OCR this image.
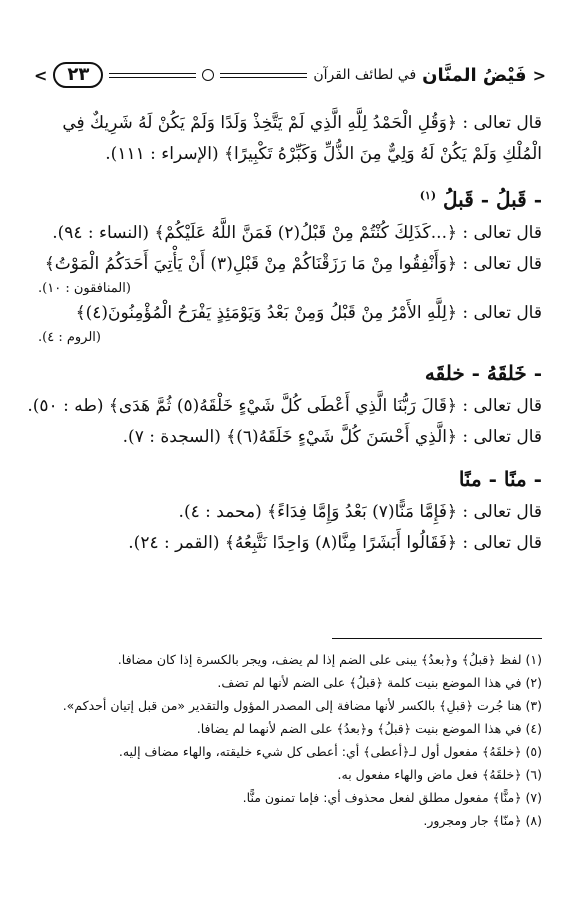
<
فَيْضُ المنَّان
في لطائف القرآن
٢٣
>
قال تعالى : ﴿وَقُلِ الْحَمْدُ لِلَّهِ الَّذِي لَمْ يَتَّخِذْ وَلَدًا وَلَمْ يَكُنْ لَهُ شَرِيكٌ فِي
الْمُلْكِ وَلَمْ يَكُنْ لَهُ وَلِيٌّ مِنَ الذُّلِّ وَكَبِّرْهُ تَكْبِيرًا﴾ (الإسراء : ١١١).
- قَبلُ - قَبلُ $^{(١)}$
قال تعالى : ﴿...كَذَلِكَ كُنْتُمْ مِنْ قَبْلُ(٢) فَمَنَّ اللَّهُ عَلَيْكُمْ﴾ (النساء : ٩٤).
قال تعالى : ﴿وَأَنْفِقُوا مِنْ مَا رَزَقْنَاكُمْ مِنْ قَبْلِ(٣) أَنْ يَأْتِيَ أَحَدَكُمُ الْمَوْتُ﴾
(المنافقون : ١٠).
قال تعالى : ﴿لِلَّهِ الأَمْرُ مِنْ قَبْلُ وَمِنْ بَعْدُ وَيَوْمَئِذٍ يَفْرَحُ الْمُؤْمِنُونَ(٤)﴾
(الروم : ٤).
- خَلقَهُ - خلقَه
قال تعالى : ﴿قَالَ رَبُّنَا الَّذِي أَعْطَى كُلَّ شَيْءٍ خَلْقَهُ(٥) ثُمَّ هَدَى﴾ (طه : ٥٠).
قال تعالى : ﴿الَّذِي أَحْسَنَ كُلَّ شَيْءٍ خَلَقَهُ(٦)﴾ (السجدة : ٧).
- منًا - منًا
قال تعالى : ﴿فَإِمَّا مَنًّا(٧) بَعْدُ وَإِمَّا فِدَاءً﴾ (محمد : ٤).
قال تعالى : ﴿فَقَالُوا أَبَشَرًا مِنَّا(٨) وَاحِدًا نَتَّبِعُهُ﴾ (القمر : ٢٤).
(١) لفظ ﴿قبلُ﴾ و﴿بعدُ﴾ يبنى على الضم إذا لم يضف، ويجر بالكسرة إذا كان مضافا.
(٢) في هذا الموضع بنيت كلمة ﴿قبلُ﴾ على الضم لأنها لم تضف.
(٣) هنا جُرت ﴿قبلِ﴾ بالكسر لأنها مضافة إلى المصدر المؤول والتقدير «من قبل إتيان أحدكم».
(٤) في هذا الموضع بنيت ﴿قبلُ﴾ و﴿بعدُ﴾ على الضم لأنهما لم يضافا.
(٥) ﴿خلقَهُ﴾ مفعول أول لـ﴿أعطى﴾ أي: أعطى كل شيء خليقته، والهاء مضاف إليه.
(٦) ﴿خلقَهُ﴾ فعل ماض والهاء مفعول به.
(٧) ﴿منًّا﴾ مفعول مطلق لفعل محذوف أي: فإما تمنون منًّا.
(٨) ﴿منّا﴾ جار ومجرور.
